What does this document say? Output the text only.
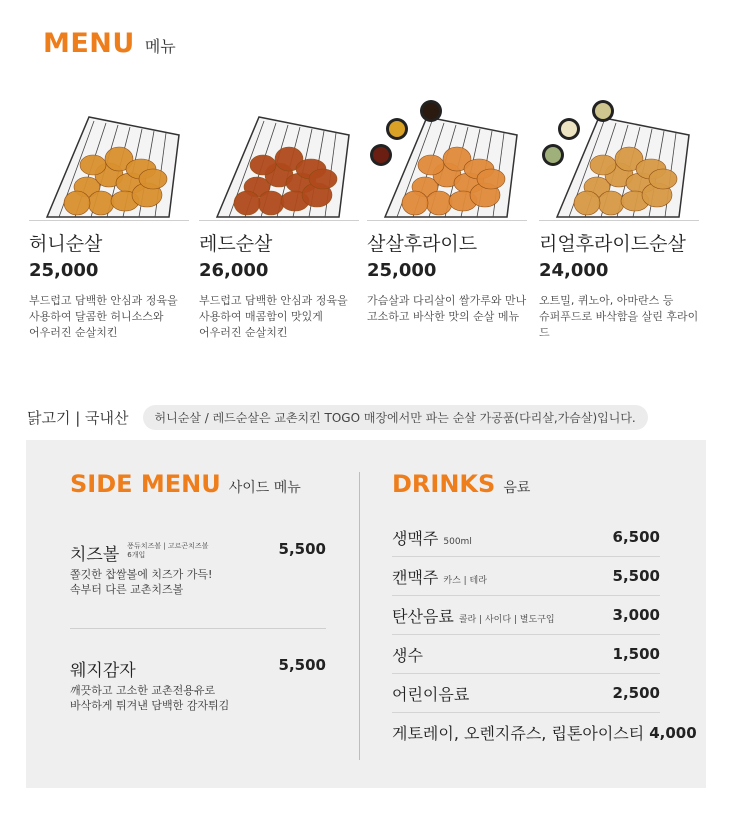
MENU 메뉴
허니순살
25,000
부드럽고 담백한 안심과 정육을
사용하여 달콤한 허니소스와
어우러진 순살치킨
레드순살
26,000
부드럽고 담백한 안심과 정육을
사용하여 매콤함이 맛있게
어우러진 순살치킨
살살후라이드
25,000
가슴살과 다리살이 쌀가루와 만나
고소하고 바삭한 맛의 순살 메뉴
리얼후라이드순살
24,000
오트밀, 퀴노아, 아마란스 등
슈퍼푸드로 바삭함을 살린 후라이드
닭고기 | 국내산	허니순살 / 레드순살은 교촌치킨 TOGO 매장에서만 파는 순살 가공품(다리살,가슴살)입니다.
SIDE MENU 사이드 메뉴
치즈볼 퐁듀치즈볼 | 고르곤치즈볼
6개입	5,500
쫄깃한 찹쌀볼에 치즈가 가득!
속부터 다른 교촌치즈볼
웨지감자	5,500
깨끗하고 고소한 교촌전용유로
바삭하게 튀겨낸 담백한 감자튀김
DRINKS 음료
생맥주 500ml	6,500
캔맥주 카스 | 테라	5,500
탄산음료 콜라 | 사이다 | 별도구입	3,000
생수	1,500
어린이음료	2,500
게토레이, 오렌지쥬스, 립톤아이스티 4,000
